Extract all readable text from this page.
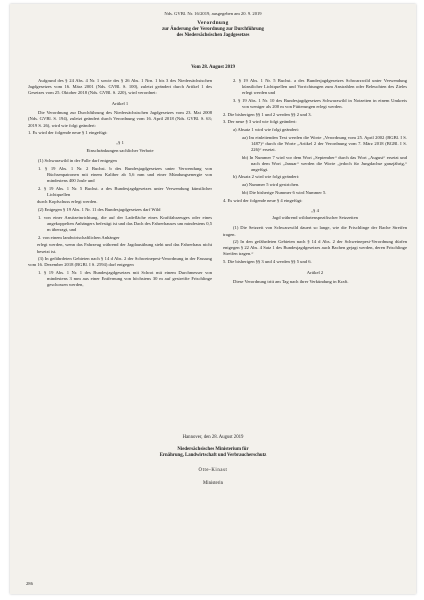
Nds. GVBl. Nr. 16/2019, ausgegeben am 20. 9. 2019

Verordnung

zur Änderung der Verordnung zur Durchführung
des Niedersächsischen Jagdgesetzes

Vom 28. August 2019

Aufgrund des § 24 Abs. 4 Nr. 1 sowie des § 26 Abs. 1 Nrn. 1 bis 3 des Niedersächsischen Jagdgesetzes vom 16. März 2001 (Nds. GVBl. S. 100), zuletzt geändert durch Artikel 1 des Gesetzes vom 25. Oktober 2018 (Nds. GVBl. S. 220), wird verordnet:

Artikel 1

Die Verordnung zur Durchführung des Niedersächsischen Jagdgesetzes vom 23. Mai 2008 (Nds. GVBl. S. 194), zuletzt geändert durch Verordnung vom 16. April 2018 (Nds. GVBl. S. 63; 2019 S. 26), wird wie folgt geändert:

1. Es wird der folgende neue § 1 eingefügt:

„§ 1

Einschränkungen sachlicher Verbote

(1) Schwarzwild in der Falle darf entgegen

1. § 19 Abs. 1 Nr. 2 Buchst. b des Bundesjagdgesetzes unter Verwendung von Büchsenpatronen mit einem Kaliber ab 5,6 mm und einer Mündungsenergie von mindestens 400 Joule und

2. § 19 Abs. 1 Nr. 5 Buchst. a des Bundesjagdgesetzes unter Verwendung künstlicher Lichtquellen

durch Kopfschuss erlegt werden.

(2) Entgegen § 19 Abs. 1 Nr. 11 des Bundesjagdgesetzes darf Wild

1. von einer Ansitzeinrichtung, die auf der Ladefläche eines Kraftfahrzeuges oder eines angekoppelten Anhängers befestigt ist und das Dach des Fahrerhauses um mindestens 0,5 m überragt, und

2. von einem landwirtschaftlichen Anhänger

erlegt werden, wenn das Fahrzeug während der Jagdausübung steht und das Fahrerhaus nicht besetzt ist.

(3) In gefährdeten Gebieten nach § 14 d Abs. 2 der Schweinepest-Verordnung in der Fassung vom 16. Dezember 2018 (BGBl. I S. 2594) darf entgegen

1. § 19 Abs. 1 Nr. 1 des Bundesjagdgesetzes mit Schrot mit einem Durchmesser von mindestens 3 mm aus einer Entfernung von höchstens 30 m auf gestreifte Frischlinge geschossen werden,

2. § 19 Abs. 1 Nr. 5 Buchst. a des Bundesjagdgesetzes Schwarzwild unter Verwendung künstlicher Lichtquellen und Vorrichtungen zum Anstrahlen oder Beleuchten des Zieles erlegt werden und

3. § 19 Abs. 1 Nr. 10 des Bundesjagdgesetzes Schwarzwild in Notzeiten in einem Umkreis von weniger als 200 m von Fütterungen erlegt werden.

2. Die bisherigen §§ 1 und 2 werden §§ 2 und 3.

3. Der neue § 3 wird wie folgt geändert:

a) Absatz 1 wird wie folgt geändert:

aa) Im einleitenden Text werden die Worte „Verordnung vom 25. April 2002 (BGBl. I S. 1487)“ durch die Worte „Artikel 2 der Verordnung vom 7. März 2018 (BGBl. I S. 226)“ ersetzt.

bb) In Nummer 7 wird vor dem Wort „September“ durch das Wort „August“ ersetzt und nach dem Wort „Januar“ werden die Worte „jedoch für Jungdachse ganzjährig,“ angefügt.

b) Absatz 2 wird wie folgt geändert:

aa) Nummer 5 wird gestrichen.

bb) Die bisherige Nummer 6 wird Nummer 5.

4. Es wird der folgende neue § 4 eingefügt:

„§ 4

Jagd während wildartenspezifischer Setzzeiten

(1) Die Setzzeit von Schwarzwild dauert so lange, wie die Frischlinge der Bache Streifen tragen.

(2) In den gefährdeten Gebieten nach § 14 d Abs. 2 der Schweinepest-Verordnung dürfen entgegen § 22 Abs. 4 Satz 1 des Bundesjagdgesetzes auch Bachen gejagt werden, deren Frischlinge Streifen tragen.“

5. Die bisherigen §§ 3 und 4 werden §§ 5 und 6.

Artikel 2

Diese Verordnung tritt am Tag nach ihrer Verkündung in Kraft.

Hannover, den 28. August 2019

Niedersächsisches Ministerium für
Ernährung, Landwirtschaft und Verbraucherschutz

Otte-Kinast

Ministerin

286
